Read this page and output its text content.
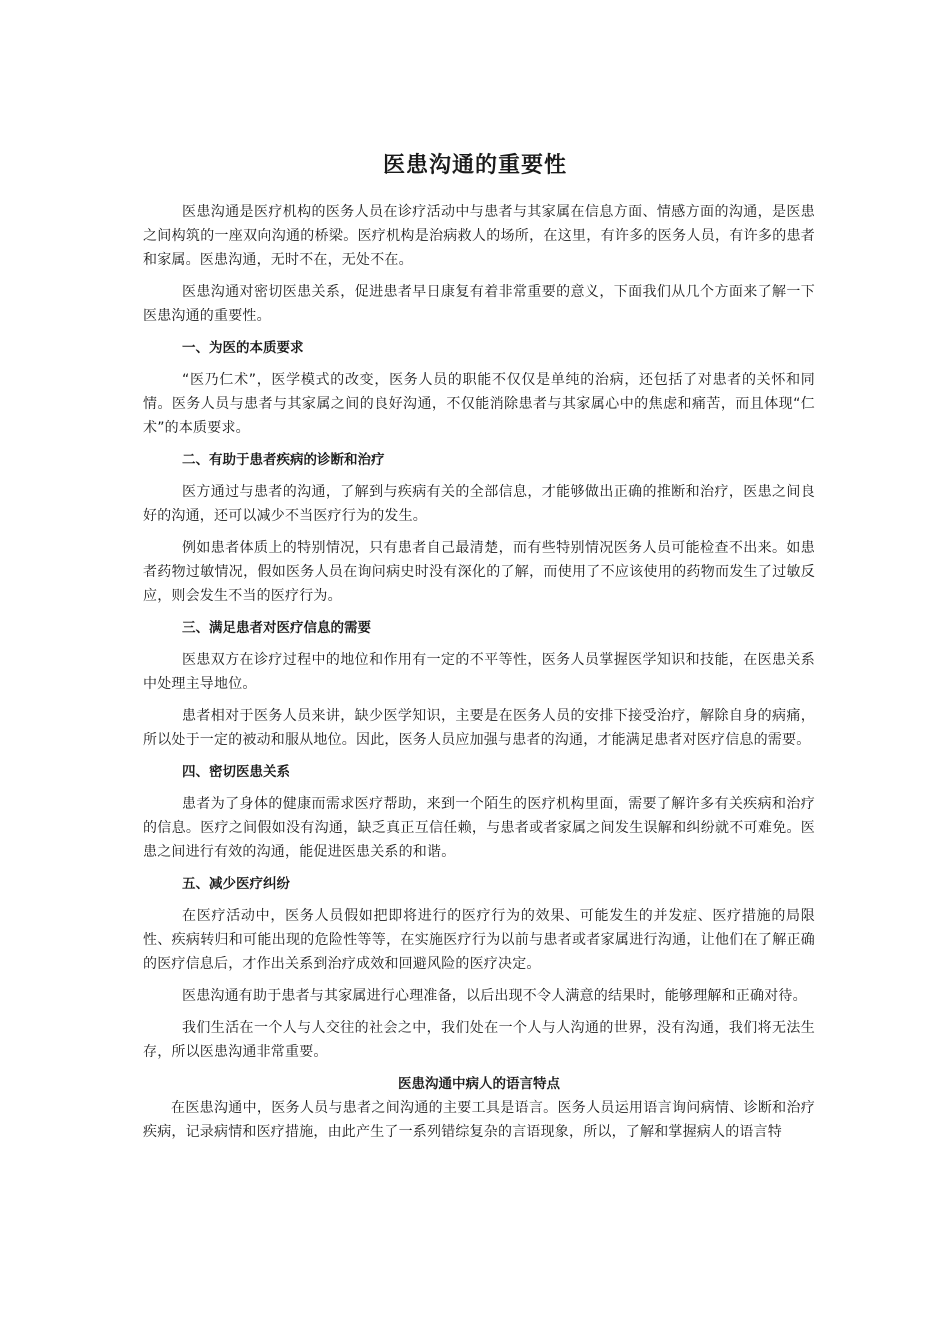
医患沟通的重要性

医患沟通是医疗机构的医务人员在诊疗活动中与患者与其家属在信息方面、情感方面的沟通，是医患之间构筑的一座双向沟通的桥梁。医疗机构是治病救人的场所，在这里，有许多的医务人员，有许多的患者和家属。医患沟通，无时不在，无处不在。

医患沟通对密切医患关系，促进患者早日康复有着非常重要的意义，下面我们从几个方面来了解一下医患沟通的重要性。

一、为医的本质要求

“医乃仁术”，医学模式的改变，医务人员的职能不仅仅是单纯的治病，还包括了对患者的关怀和同情。医务人员与患者与其家属之间的良好沟通，不仅能消除患者与其家属心中的焦虑和痛苦，而且体现“仁术”的本质要求。

二、有助于患者疾病的诊断和治疗

医方通过与患者的沟通，了解到与疾病有关的全部信息，才能够做出正确的推断和治疗，医患之间良好的沟通，还可以减少不当医疗行为的发生。

例如患者体质上的特别情况，只有患者自己最清楚，而有些特别情况医务人员可能检查不出来。如患者药物过敏情况，假如医务人员在询问病史时没有深化的了解，而使用了不应该使用的药物而发生了过敏反应，则会发生不当的医疗行为。

三、满足患者对医疗信息的需要

医患双方在诊疗过程中的地位和作用有一定的不平等性，医务人员掌握医学知识和技能，在医患关系中处理主导地位。

患者相对于医务人员来讲，缺少医学知识，主要是在医务人员的安排下接受治疗，解除自身的病痛，所以处于一定的被动和服从地位。因此，医务人员应加强与患者的沟通，才能满足患者对医疗信息的需要。

四、密切医患关系

患者为了身体的健康而需求医疗帮助，来到一个陌生的医疗机构里面，需要了解许多有关疾病和治疗的信息。医疗之间假如没有沟通，缺乏真正互信任赖，与患者或者家属之间发生误解和纠纷就不可难免。医患之间进行有效的沟通，能促进医患关系的和谐。

五、减少医疗纠纷

在医疗活动中，医务人员假如把即将进行的医疗行为的效果、可能发生的并发症、医疗措施的局限性、疾病转归和可能出现的危险性等等，在实施医疗行为以前与患者或者家属进行沟通，让他们在了解正确的医疗信息后，才作出关系到治疗成效和回避风险的医疗决定。

医患沟通有助于患者与其家属进行心理准备，以后出现不令人满意的结果时，能够理解和正确对待。

我们生活在一个人与人交往的社会之中，我们处在一个人与人沟通的世界，没有沟通，我们将无法生存，所以医患沟通非常重要。

医患沟通中病人的语言特点

在医患沟通中，医务人员与患者之间沟通的主要工具是语言。医务人员运用语言询问病情、诊断和治疗疾病，记录病情和医疗措施，由此产生了一系列错综复杂的言语现象，所以，了解和掌握病人的语言特
